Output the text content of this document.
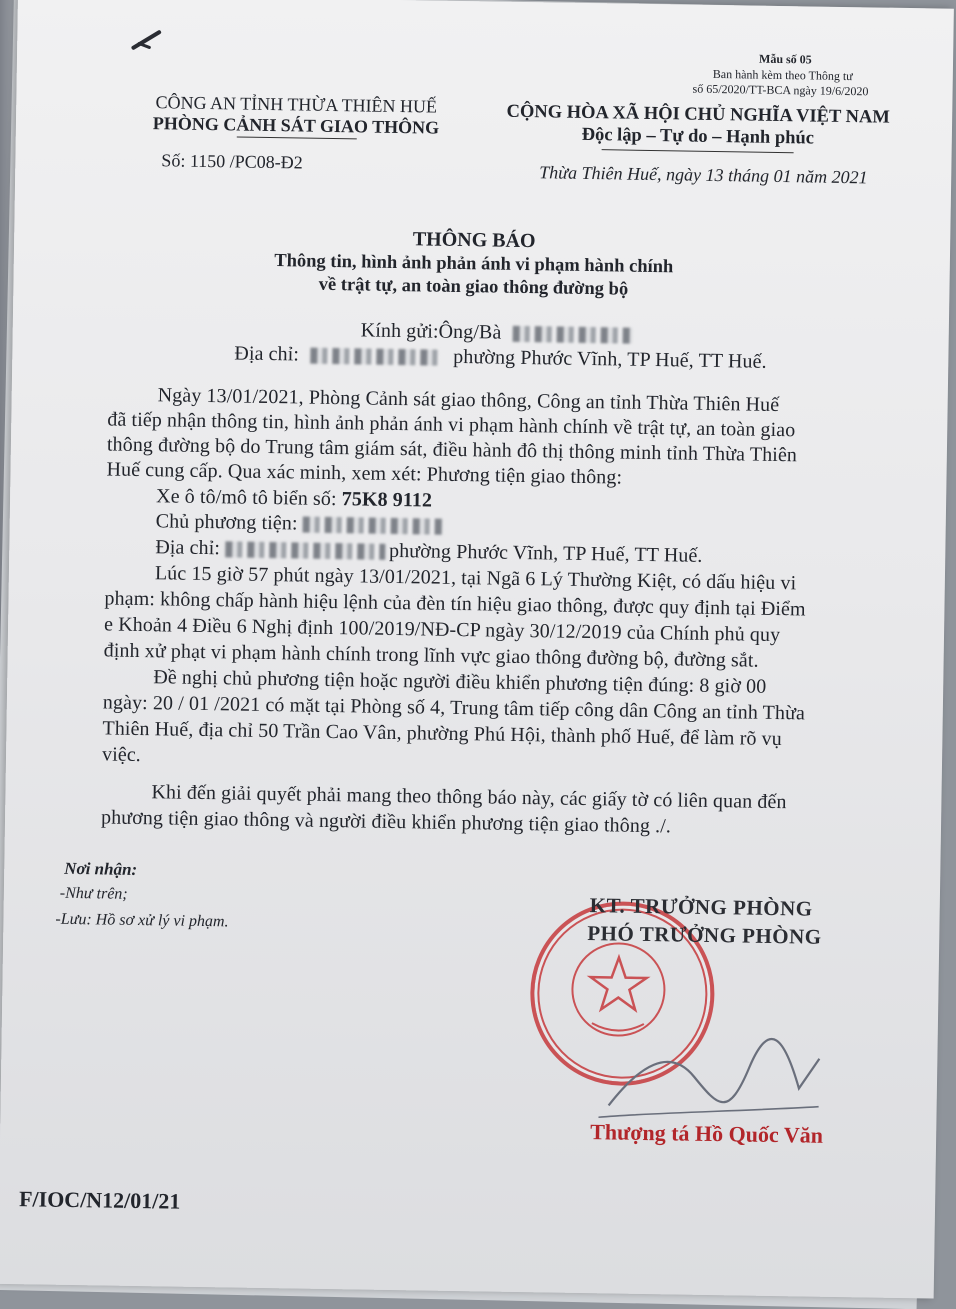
Mẫu số 05
Ban hành kèm theo Thông tư
số 65/2020/TT-BCA ngày 19/6/2020
CÔNG AN TỈNH THỪA THIÊN HUẾ
PHÒNG CẢNH SÁT GIAO THÔNG
Số: 1150 /PC08-Đ2
CỘNG HÒA XÃ HỘI CHỦ NGHĨA VIỆT NAM
Độc lập – Tự do – Hạnh phúc
Thừa Thiên Huế, ngày 13 tháng 01 năm 2021
THÔNG BÁO
Thông tin, hình ảnh phản ánh vi phạm hành chính
về trật tự, an toàn giao thông đường bộ
Kính gửi:Ông/Bà
Địa chỉ:	phường Phước Vĩnh, TP Huế, TT Huế.
Ngày 13/01/2021, Phòng Cảnh sát giao thông, Công an tỉnh Thừa Thiên Huế
đã tiếp nhận thông tin, hình ảnh phản ánh vi phạm hành chính về trật tự, an toàn giao
thông đường bộ do Trung tâm giám sát, điều hành đô thị thông minh tỉnh Thừa Thiên
Huế cung cấp. Qua xác minh, xem xét: Phương tiện giao thông:
Xe ô tô/mô tô biển số: 75K8 9112
Chủ phương tiện:
Địa chỉ:	phường Phước Vĩnh, TP Huế, TT Huế.
Lúc 15 giờ 57 phút ngày 13/01/2021, tại Ngã 6 Lý Thường Kiệt, có dấu hiệu vi
phạm: không chấp hành hiệu lệnh của đèn tín hiệu giao thông, được quy định tại Điểm
e Khoản 4 Điều 6 Nghị định 100/2019/NĐ-CP ngày 30/12/2019 của Chính phủ quy
định xử phạt vi phạm hành chính trong lĩnh vực giao thông đường bộ, đường sắt.
Đề nghị chủ phương tiện hoặc người điều khiển phương tiện đúng: 8 giờ 00
ngày: 20 / 01 /2021 có mặt tại Phòng số 4, Trung tâm tiếp công dân Công an tỉnh Thừa
Thiên Huế, địa chỉ 50 Trần Cao Vân, phường Phú Hội, thành phố Huế, để làm rõ vụ
việc.
Khi đến giải quyết phải mang theo thông báo này, các giấy tờ có liên quan đến
phương tiện giao thông và người điều khiển phương tiện giao thông ./.
Nơi nhận:
-Như trên;
-Lưu: Hồ sơ xử lý vi phạm.	KT. TRƯỞNG PHÒNG
PHÓ TRƯỞNG PHÒNG
Thượng tá Hồ Quốc Văn
F/IOC/N12/01/21
